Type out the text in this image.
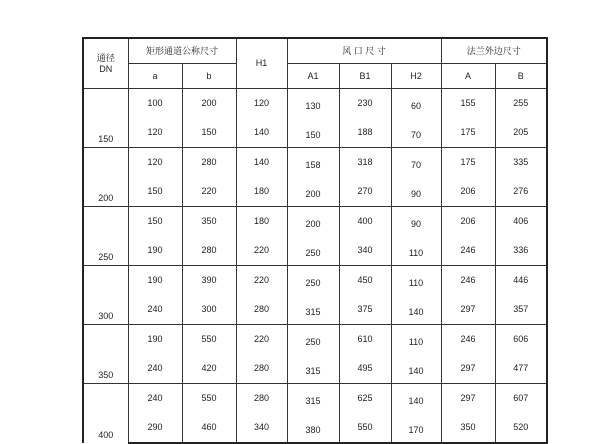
通径
DN	矩形通道公称尺寸		H1	风 口 尺 寸			法兰外边尺寸	
	a	b		A1	B1	H2	A	B
150	100	200	120	130	230	60	155	255
	120	150	140	150	188	70	175	205
200	120	280	140	158	318	70	175	335
	150	220	180	200	270	90	206	276
250	150	350	180	200	400	90	206	406
	190	280	220	250	340	110	246	336
300	190	390	220	250	450	110	246	446
	240	300	280	315	375	140	297	357
350	190	550	220	250	610	110	246	606
	240	420	280	315	495	140	297	477
400	240	550	280	315	625	140	297	607
	290	460	340	380	550	170	350	520
